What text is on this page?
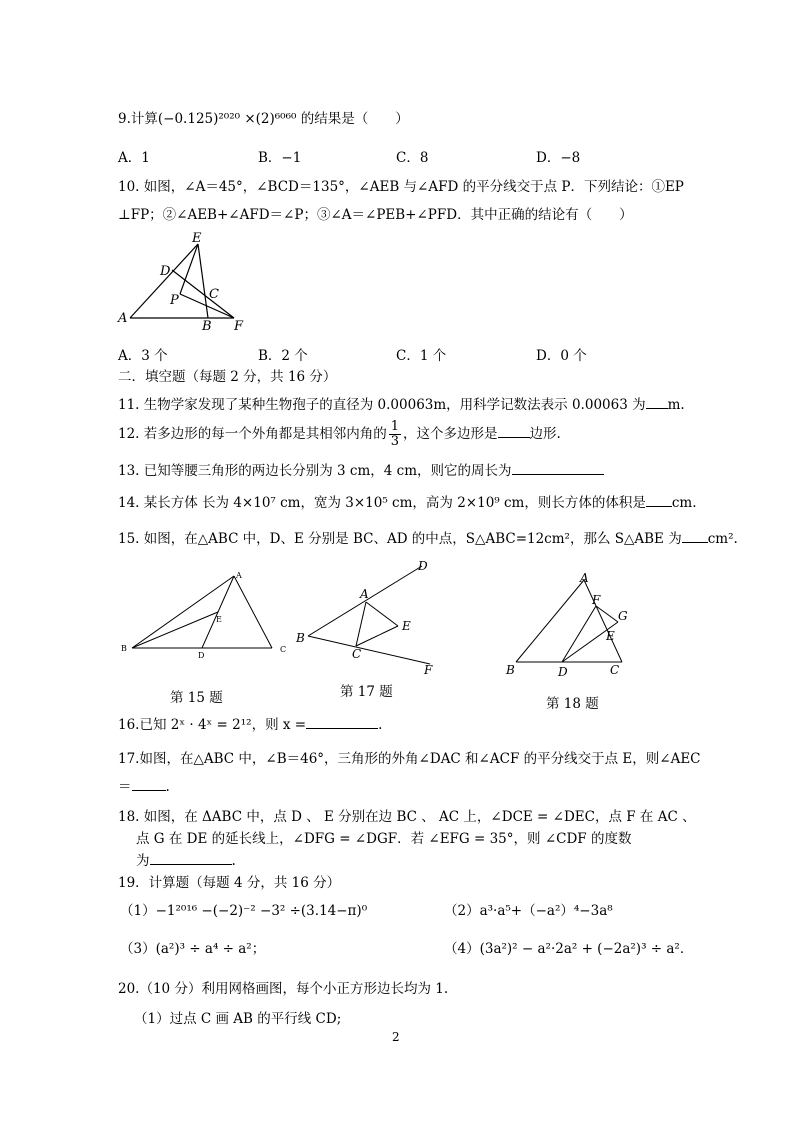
9.计算(−0.125)²⁰²⁰ ×(2)⁶⁰⁶⁰ 的结果是（　　）
A．1	B．−1	C．8	D．−8
10. 如图，∠A＝45°，∠BCD＝135°，∠AEB 与∠AFD 的平分线交于点 P．下列结论：①EP
⊥FP；②∠AEB+∠AFD＝∠P；③∠A＝∠PEB+∠PFD．其中正确的结论有（　　）
E
D
C
P
A
B F
A．3 个	B．2 个	C．1 个	D．0 个
二．填空题（每题 2 分，共 16 分）
11. 生物学家发现了某种生物孢子的直径为 0.00063m，用科学记数法表示 0.00063 为 m.
12. 若多边形的每一个外角都是其相邻内角的 $\frac{1}{3}$ ，这个多边形是 边形.
13. 已知等腰三角形的两边长分别为 3 cm，4 cm，则它的周长为
14. 某长方体 长为 4×10⁷ cm，宽为 3×10⁵ cm，高为 2×10⁹ cm，则长方体的体积是 cm.
15. 如图，在△ABC 中，D、E 分别是 BC、AD 的中点，S△ABC=12cm²，那么 S△ABE 为 cm².
A
E
B
D
C
第 15 题
D
A
E
B
C
F
第 17 题
A
F
G
E
B	D	C
第 18 题
16.已知 2ˣ · 4ˣ = 2¹²，则 x =	.
17.如图，在△ABC 中，∠B＝46°，三角形的外角∠DAC 和∠ACF 的平分线交于点 E，则∠AEC
＝	.
18. 如图，在 ΔABC 中，点 D 、 E 分别在边 BC 、 AC 上，∠DCE = ∠DEC，点 F 在 AC 、
点 G 在 DE 的延长线上，∠DFG = ∠DGF．若 ∠EFG = 35°，则 ∠CDF 的度数
为	.
19．计算题（每题 4 分，共 16 分）
（1）−1²⁰¹⁶ −(−2)⁻² −3² ÷(3.14−π)⁰	（2）a³·a⁵+（−a²）⁴−3a⁸
（3）(a²)³ ÷ a⁴ ÷ a²；	（4）(3a²)² − a²·2a² + (−2a²)³ ÷ a²．
20.（10 分）利用网格画图，每个小正方形边长均为 1.
（1）过点 C 画 AB 的平行线 CD;
2
